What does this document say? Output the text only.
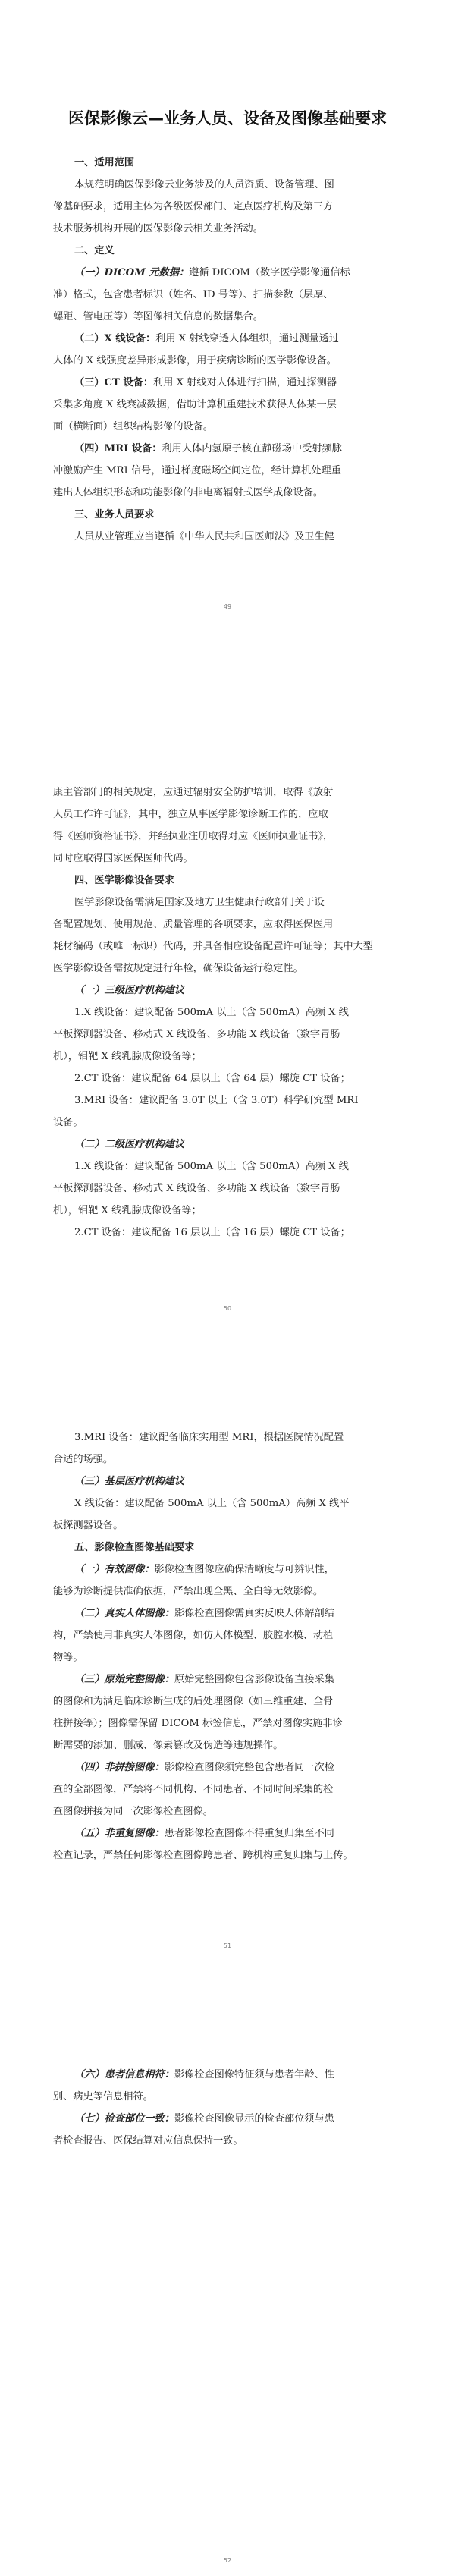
医保影像云—业务人员、设备及图像基础要求
一、适用范围
本规范明确医保影像云业务涉及的人员资质、设备管理、图
像基础要求，适用主体为各级医保部门、定点医疗机构及第三方
技术服务机构开展的医保影像云相关业务活动。
二、定义
（一）DICOM 元数据：遵循 DICOM（数字医学影像通信标
准）格式，包含患者标识（姓名、ID 号等）、扫描参数（层厚、
螺距、管电压等）等图像相关信息的数据集合。
（二）X 线设备：利用 X 射线穿透人体组织，通过测量透过
人体的 X 线强度差异形成影像，用于疾病诊断的医学影像设备。
（三）CT 设备：利用 X 射线对人体进行扫描，通过探测器
采集多角度 X 线衰减数据，借助计算机重建技术获得人体某一层
面（横断面）组织结构影像的设备。
（四）MRI 设备：利用人体内氢原子核在静磁场中受射频脉
冲激励产生 MRI 信号，通过梯度磁场空间定位，经计算机处理重
建出人体组织形态和功能影像的非电离辐射式医学成像设备。
三、业务人员要求
人员从业管理应当遵循《中华人民共和国医师法》及卫生健
49
康主管部门的相关规定，应通过辐射安全防护培训，取得《放射
人员工作许可证》，其中，独立从事医学影像诊断工作的，应取
得《医师资格证书》，并经执业注册取得对应《医师执业证书》，
同时应取得国家医保医师代码。
四、医学影像设备要求
医学影像设备需满足国家及地方卫生健康行政部门关于设
备配置规划、使用规范、质量管理的各项要求，应取得医保医用
耗材编码（或唯一标识）代码，并具备相应设备配置许可证等；其中大型
医学影像设备需按规定进行年检，确保设备运行稳定性。
（一）三级医疗机构建议
1.X 线设备：建议配备 500mA 以上（含 500mA）高频 X 线
平板探测器设备、移动式 X 线设备、多功能 X 线设备（数字胃肠
机），钼靶 X 线乳腺成像设备等；
2.CT 设备：建议配备 64 层以上（含 64 层）螺旋 CT 设备；
3.MRI 设备：建议配备 3.0T 以上（含 3.0T）科学研究型 MRI
设备。
（二）二级医疗机构建议
1.X 线设备：建议配备 500mA 以上（含 500mA）高频 X 线
平板探测器设备、移动式 X 线设备、多功能 X 线设备（数字胃肠
机），钼靶 X 线乳腺成像设备等；
2.CT 设备：建议配备 16 层以上（含 16 层）螺旋 CT 设备；
50
3.MRI 设备：建议配备临床实用型 MRI，根据医院情况配置
合适的场强。
（三）基层医疗机构建议
X 线设备：建议配备 500mA 以上（含 500mA）高频 X 线平
板探测器设备。
五、影像检查图像基础要求
（一）有效图像：影像检查图像应确保清晰度与可辨识性，
能够为诊断提供准确依据，严禁出现全黑、全白等无效影像。
（二）真实人体图像：影像检查图像需真实反映人体解剖结
构，严禁使用非真实人体图像，如仿人体模型、胶腔水模、动植
物等。
（三）原始完整图像：原始完整图像包含影像设备直接采集
的图像和为满足临床诊断生成的后处理图像（如三维重建、全骨
柱拼接等）；图像需保留 DICOM 标签信息，严禁对图像实施非诊
断需要的添加、删减、像素篡改及伪造等违规操作。
（四）非拼接图像：影像检查图像须完整包含患者同一次检
查的全部图像，严禁将不同机构、不同患者、不同时间采集的检
查图像拼接为同一次影像检查图像。
（五）非重复图像：患者影像检查图像不得重复归集至不同
检查记录，严禁任何影像检查图像跨患者、跨机构重复归集与上传。
51
（六）患者信息相符：影像检查图像特征须与患者年龄、性
别、病史等信息相符。
（七）检查部位一致：影像检查图像显示的检查部位须与患
者检查报告、医保结算对应信息保持一致。
52
